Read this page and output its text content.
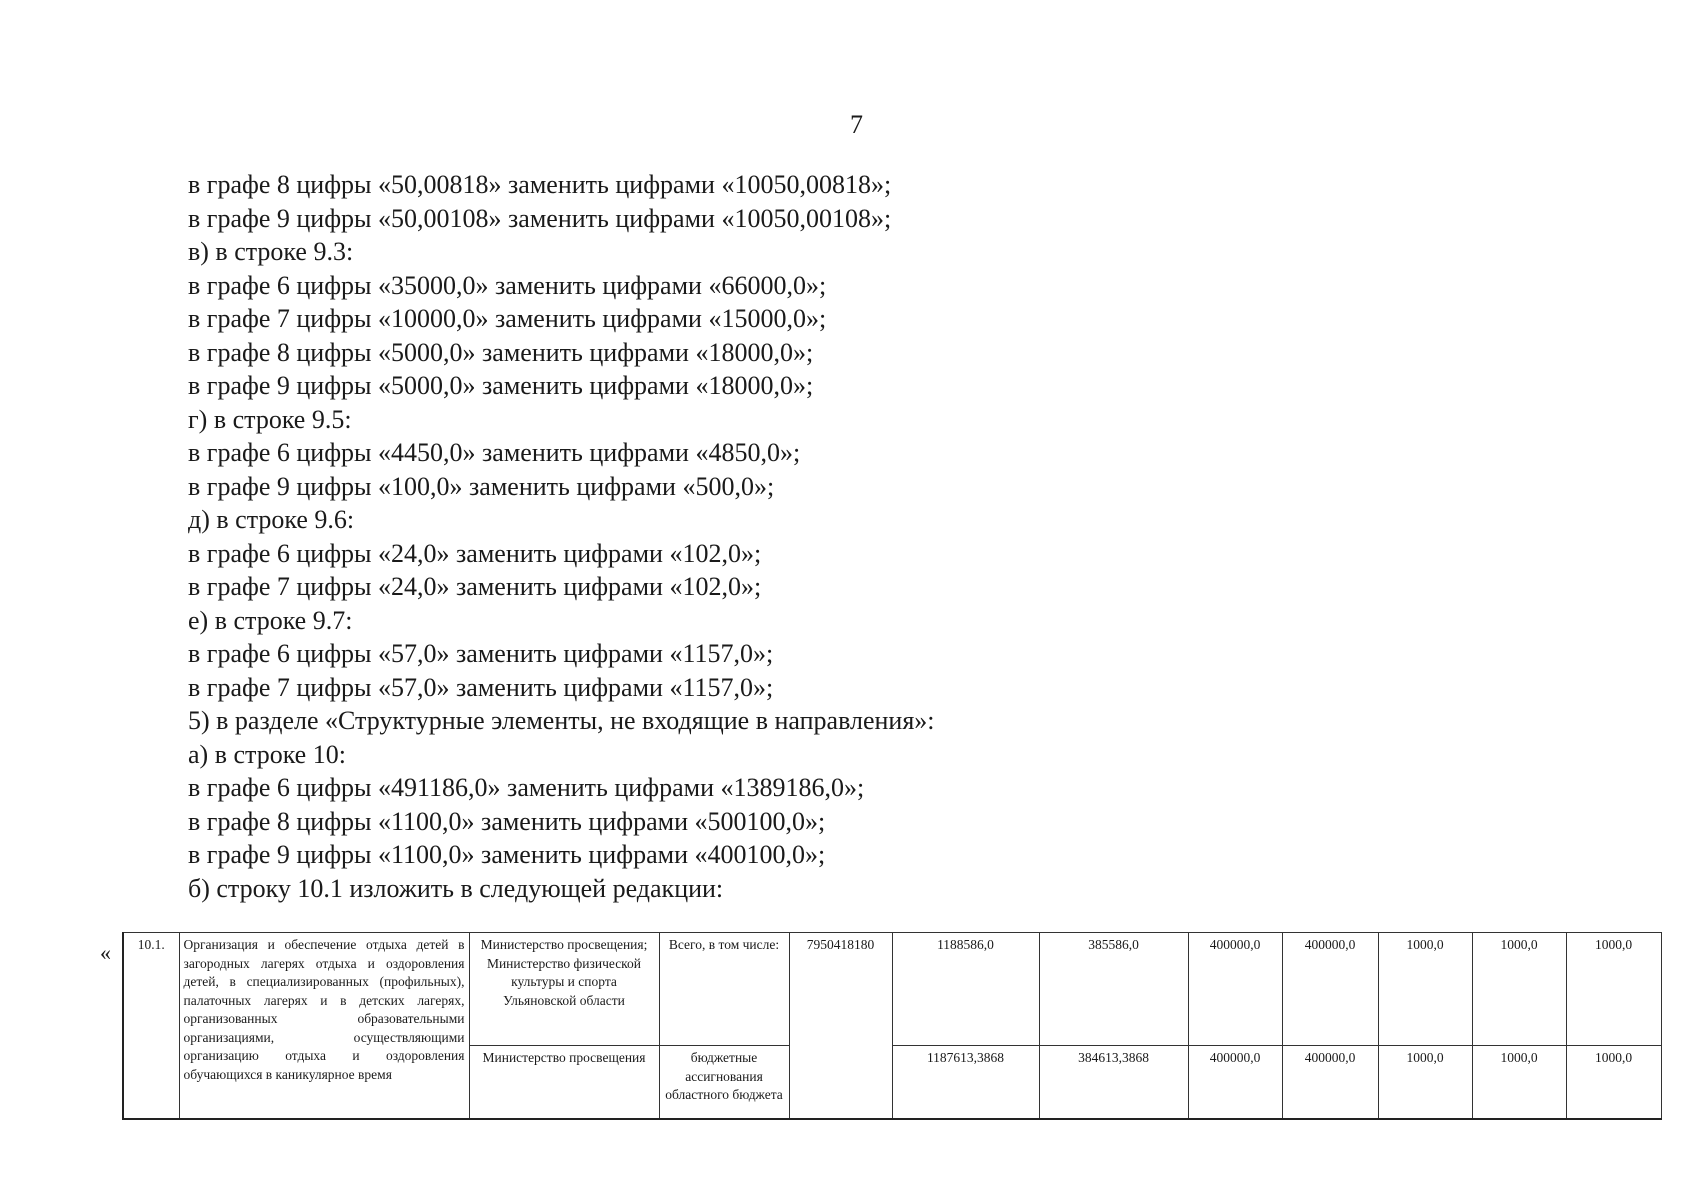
7
в графе 8 цифры «50,00818» заменить цифрами «10050,00818»;
в графе 9 цифры «50,00108» заменить цифрами «10050,00108»;
в) в строке 9.3:
в графе 6 цифры «35000,0» заменить цифрами «66000,0»;
в графе 7 цифры «10000,0» заменить цифрами «15000,0»;
в графе 8 цифры «5000,0» заменить цифрами «18000,0»;
в графе 9 цифры «5000,0» заменить цифрами «18000,0»;
г) в строке 9.5:
в графе 6 цифры «4450,0» заменить цифрами «4850,0»;
в графе 9 цифры «100,0» заменить цифрами «500,0»;
д) в строке 9.6:
в графе 6 цифры «24,0» заменить цифрами «102,0»;
в графе 7 цифры «24,0» заменить цифрами «102,0»;
е) в строке 9.7:
в графе 6 цифры «57,0» заменить цифрами «1157,0»;
в графе 7 цифры «57,0» заменить цифрами «1157,0»;
5) в разделе «Структурные элементы, не входящие в направления»:
а) в строке 10:
в графе 6 цифры «491186,0» заменить цифрами «1389186,0»;
в графе 8 цифры «1100,0» заменить цифрами «500100,0»;
в графе 9 цифры «1100,0» заменить цифрами «400100,0»;
б) строку 10.1 изложить в следующей редакции:
« 10.1.	Организация и обеспечение отдыха детей в загородных лагерях отдыха и оздоровления детей, в специализированных (профильных), палаточных лагерях и в детских лагерях, организованных образовательными организациями, осуществляющими организацию отдыха и оздоровления обучающихся в каникулярное время	Министерство просвещения; Министерство физической культуры и спорта Ульяновской области	Всего, в том числе:	7950418180	1188586,0	385586,0	400000,0	400000,0	1000,0	1000,0	1000,0
		Министерство просвещения	бюджетные ассигнования областного бюджета		1187613,3868	384613,3868	400000,0	400000,0	1000,0	1000,0	1000,0
